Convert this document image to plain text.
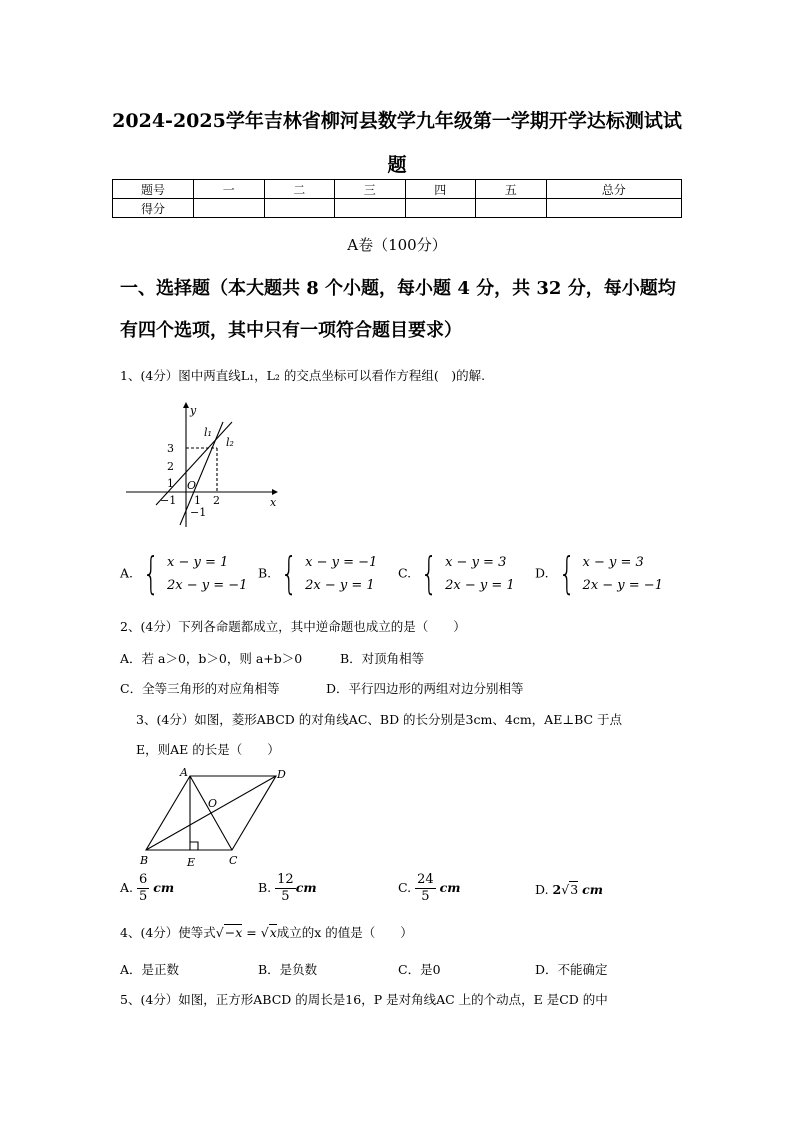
2024-2025学年吉林省柳河县数学九年级第一学期开学达标测试试
题
题号	一	二	三	四	五	总分
得分						
A卷（100分）
一、选择题（本大题共 8 个小题，每小题 4 分，共 32 分，每小题均
有四个选项，其中只有一项符合题目要求）
1、(4分）图中两直线L₁，L₂ 的交点坐标可以看作方程组(　)的解.
y
x
l₁
l₂
3
2
1 O
−1 1 2
−1
A. { x − y = 1
2x − y = −1
B. { x − y = −1
2x − y = 1
C. { x − y = 3
2x − y = 1
D. { x − y = 3
2x − y = −1
2、(4分）下列各命题都成立，其中逆命题也成立的是（　　）
A．若 a＞0，b＞0，则 a+b＞0	B．对顶角相等
C．全等三角形的对应角相等	D．平行四边形的两组对边分别相等
3、(4分）如图，菱形ABCD 的对角线AC、BD 的长分别是3cm、4cm，AE⊥BC 于点
E，则AE 的长是（　　）
A	D
O
B	E	C
A. $\frac{6}{5}$ cm	B. $\frac{12}{5}$ cm	C. $\frac{24}{5}$ cm	D. 2√3 cm
4、(4分）使等式√−x = √x成立的x 的值是（　　）
A．是正数	B．是负数	C．是0	D．不能确定
5、(4分）如图，正方形ABCD 的周长是16，P 是对角线AC 上的个动点，E 是CD 的中
